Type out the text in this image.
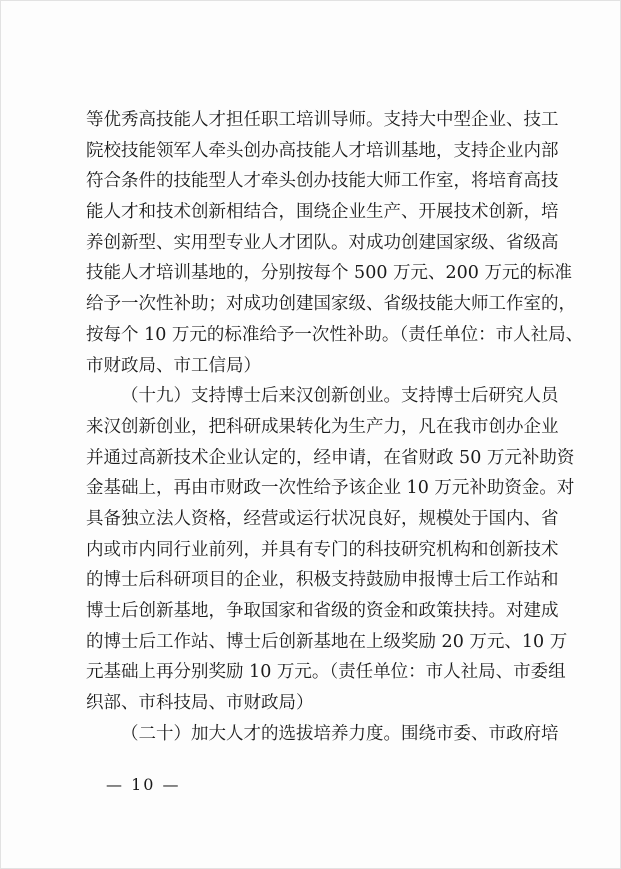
等优秀高技能人才担任职工培训导师。支持大中型企业、技工
院校技能领军人牵头创办高技能人才培训基地，支持企业内部
符合条件的技能型人才牵头创办技能大师工作室，将培育高技
能人才和技术创新相结合，围绕企业生产、开展技术创新，培
养创新型、实用型专业人才团队。对成功创建国家级、省级高
技能人才培训基地的，分别按每个 500 万元、200 万元的标准
给予一次性补助；对成功创建国家级、省级技能大师工作室的，
按每个 10 万元的标准给予一次性补助。（责任单位：市人社局、
市财政局、市工信局）
（十九）支持博士后来汉创新创业。支持博士后研究人员
来汉创新创业，把科研成果转化为生产力，凡在我市创办企业
并通过高新技术企业认定的，经申请，在省财政 50 万元补助资
金基础上，再由市财政一次性给予该企业 10 万元补助资金。对
具备独立法人资格，经营或运行状况良好，规模处于国内、省
内或市内同行业前列，并具有专门的科技研究机构和创新技术
的博士后科研项目的企业，积极支持鼓励申报博士后工作站和
博士后创新基地，争取国家和省级的资金和政策扶持。对建成
的博士后工作站、博士后创新基地在上级奖励 20 万元、10 万
元基础上再分别奖励 10 万元。（责任单位：市人社局、市委组
织部、市科技局、市财政局）
（二十）加大人才的选拔培养力度。围绕市委、市政府培
— 10 —
